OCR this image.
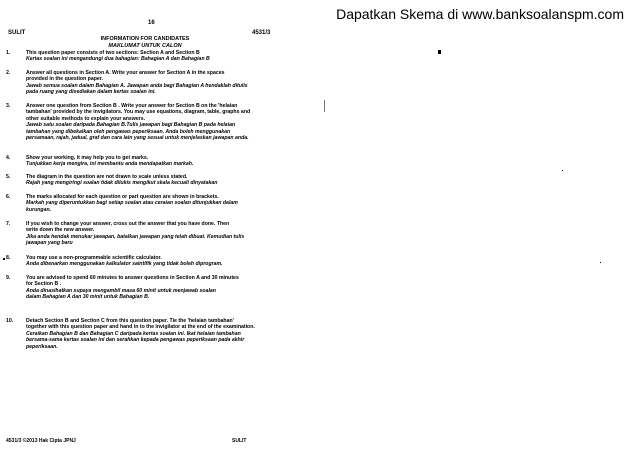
Dapatkan Skema di www.banksoalanspm.com
16
SULIT	4531/3
INFORMATION FOR CANDIDATES
MAKLUMAT UNTUK CALON
1.	This question paper consists of two sections: Section A and Section B
Kertas soalan ini mengandungi dua bahagian: Bahagian A dan Bahagian B
2.	Answer all questions in Section A. Write your answer for Section A in the spaces
provided in the question paper.
Jawab semua soalan dalam Bahagian A. Jawapan anda bagi Bahagian A hendaklah ditulis
pada ruang yang disediakan dalam kertas soalan ini.
3.	Answer one question from Section B . Write your answer for Section B on the 'helaian
tambahan' provided by the invigilators. You may use equations, diagram, table, graphs and
other suitable methods to explain your answers.
Jawab satu soalan daripada Bahagian B.Tulis jawapan bagi Bahagian B pada helaian
tambahan yang dibekalkan oleh pengawas peperiksaan. Anda boleh menggunakan
persamaan, rajah, jadual, graf dan cara lain yang sesuai untuk menjelaskan jawapan anda.
4.	Show your working, it may help you to get marks.
Tunjukkan kerja mengira, ini membantu anda mendapatkan markah.
5.	The diagram in the question are not drawn to scale unless stated.
Rajah yang mengiringi soalan tidak dilukis mengikut skala kecuali dinyatakan
6.	The marks allocated for each question or part question are shown in brackets.
Markah yang diperuntukkan bagi setiap soalan atau ceraian soalan ditunjukkan dalam
kurungan.
7.	If you wish to change your answer, cross out the answer that you have done. Then
write down the new answer.
Jika anda hendak menukar jawapan, batalkan jawapan yang telah dibuat. Kemudian tulis
jawapan yang baru
8.	You may use a non-programmable scientific calculator.
Anda dibenarkan menggunakan kalkulator saintifik yang tidak boleh diprogram.
9.	You are advised to spend 60 minutes to answer questions in Section A and 30 minutes
for Section B .
Anda dinasihatkan supaya mengambil masa 60 minit untuk menjawab soalan
dalam Bahagian A dan 30 minit untuk Bahagian B.
10. Detach Section B and Section C from this question paper. Tie the 'helaian tambahan'
together with this question paper and hand in to the invigilator at the end of the examination.
Ceraikan Bahagian B dan Bahagian C daripada kertas soalan ini. Ikat helaian tambahan
bersama-sama kertas soalan ini dan serahkan kepada pengawas peperiksaan pada akhir
peperiksaan.
4531/3 ©2013 Hak Cipta JPNJ	SULIT
